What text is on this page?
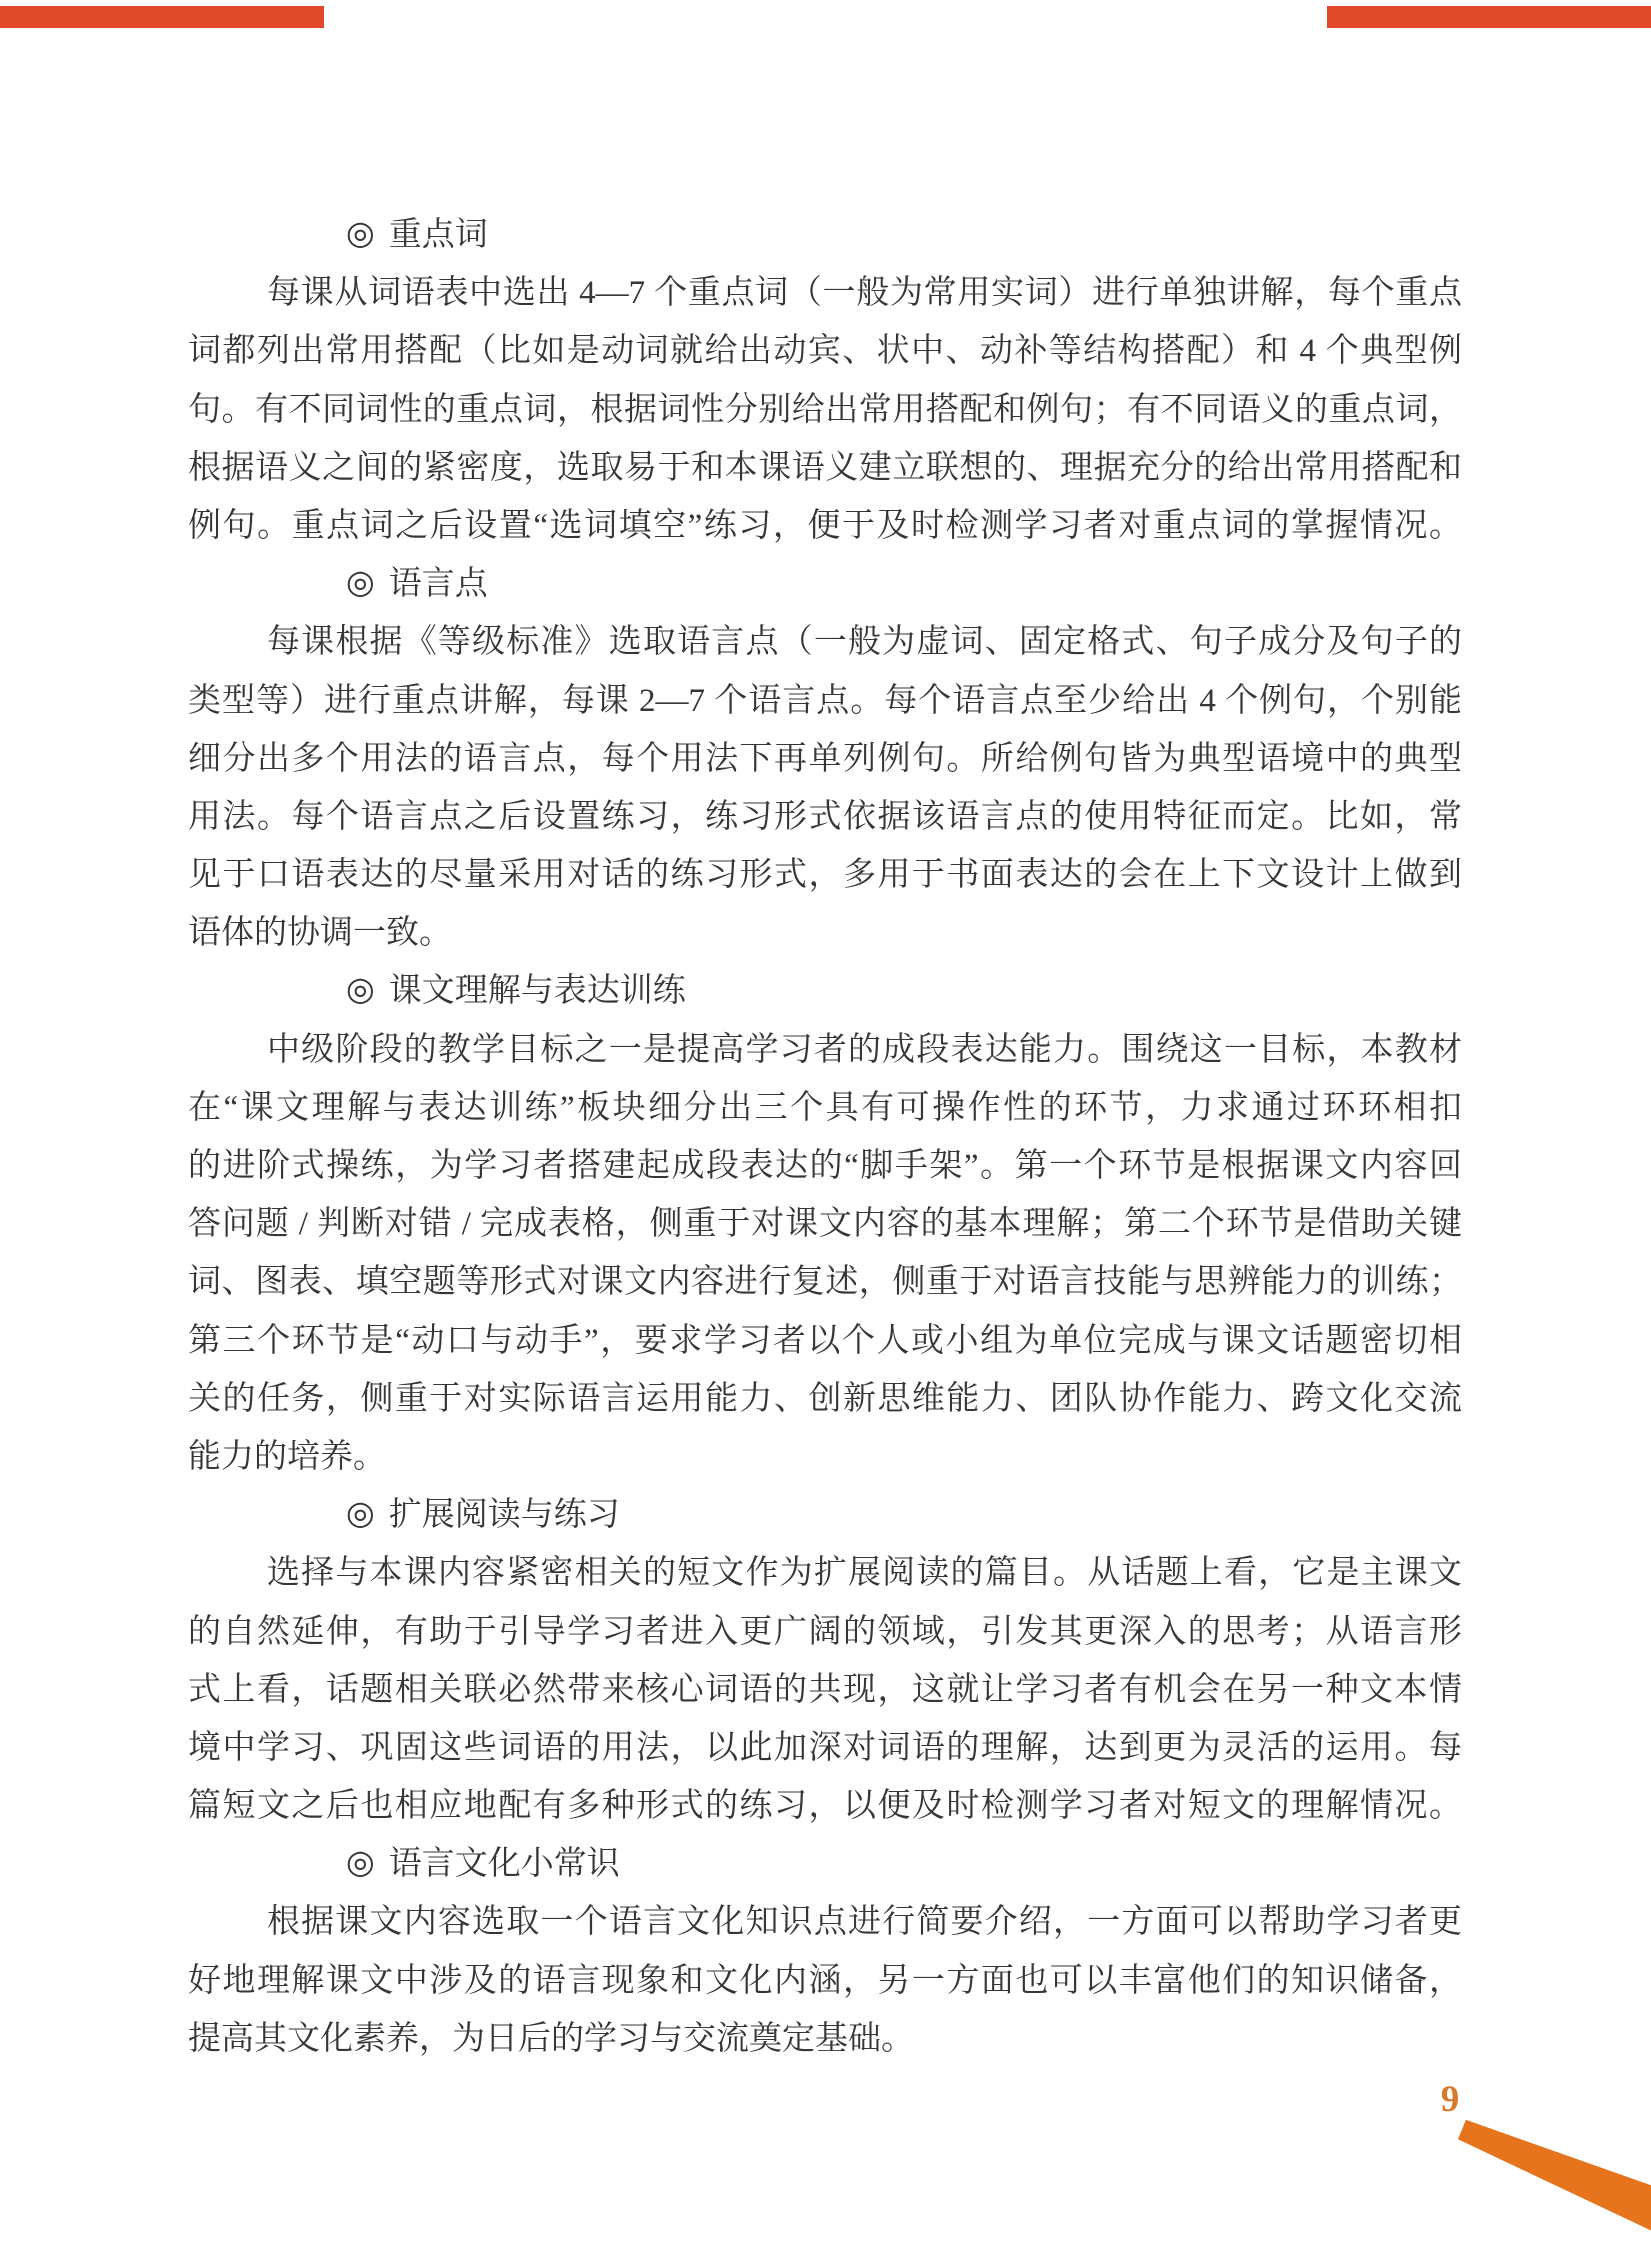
◎ 重点词
每课从词语表中选出 4—7 个重点词（一般为常用实词）进行单独讲解，每个重点
词都列出常用搭配（比如是动词就给出动宾、状中、动补等结构搭配）和 4 个典型例
句。有不同词性的重点词，根据词性分别给出常用搭配和例句；有不同语义的重点词，
根据语义之间的紧密度，选取易于和本课语义建立联想的、理据充分的给出常用搭配和
例句。重点词之后设置“选词填空”练习，便于及时检测学习者对重点词的掌握情况。
◎ 语言点
每课根据《等级标准》选取语言点（一般为虚词、固定格式、句子成分及句子的
类型等）进行重点讲解，每课 2—7 个语言点。每个语言点至少给出 4 个例句，个别能
细分出多个用法的语言点，每个用法下再单列例句。所给例句皆为典型语境中的典型
用法。每个语言点之后设置练习，练习形式依据该语言点的使用特征而定。比如，常
见于口语表达的尽量采用对话的练习形式，多用于书面表达的会在上下文设计上做到
语体的协调一致。
◎ 课文理解与表达训练
中级阶段的教学目标之一是提高学习者的成段表达能力。围绕这一目标，本教材
在“课文理解与表达训练”板块细分出三个具有可操作性的环节，力求通过环环相扣
的进阶式操练，为学习者搭建起成段表达的“脚手架”。第一个环节是根据课文内容回
答问题 / 判断对错 / 完成表格，侧重于对课文内容的基本理解；第二个环节是借助关键
词、图表、填空题等形式对课文内容进行复述，侧重于对语言技能与思辨能力的训练；
第三个环节是“动口与动手”，要求学习者以个人或小组为单位完成与课文话题密切相
关的任务，侧重于对实际语言运用能力、创新思维能力、团队协作能力、跨文化交流
能力的培养。
◎ 扩展阅读与练习
选择与本课内容紧密相关的短文作为扩展阅读的篇目。从话题上看，它是主课文
的自然延伸，有助于引导学习者进入更广阔的领域，引发其更深入的思考；从语言形
式上看，话题相关联必然带来核心词语的共现，这就让学习者有机会在另一种文本情
境中学习、巩固这些词语的用法，以此加深对词语的理解，达到更为灵活的运用。每
篇短文之后也相应地配有多种形式的练习，以便及时检测学习者对短文的理解情况。
◎ 语言文化小常识
根据课文内容选取一个语言文化知识点进行简要介绍，一方面可以帮助学习者更
好地理解课文中涉及的语言现象和文化内涵，另一方面也可以丰富他们的知识储备，
提高其文化素养，为日后的学习与交流奠定基础。
9
